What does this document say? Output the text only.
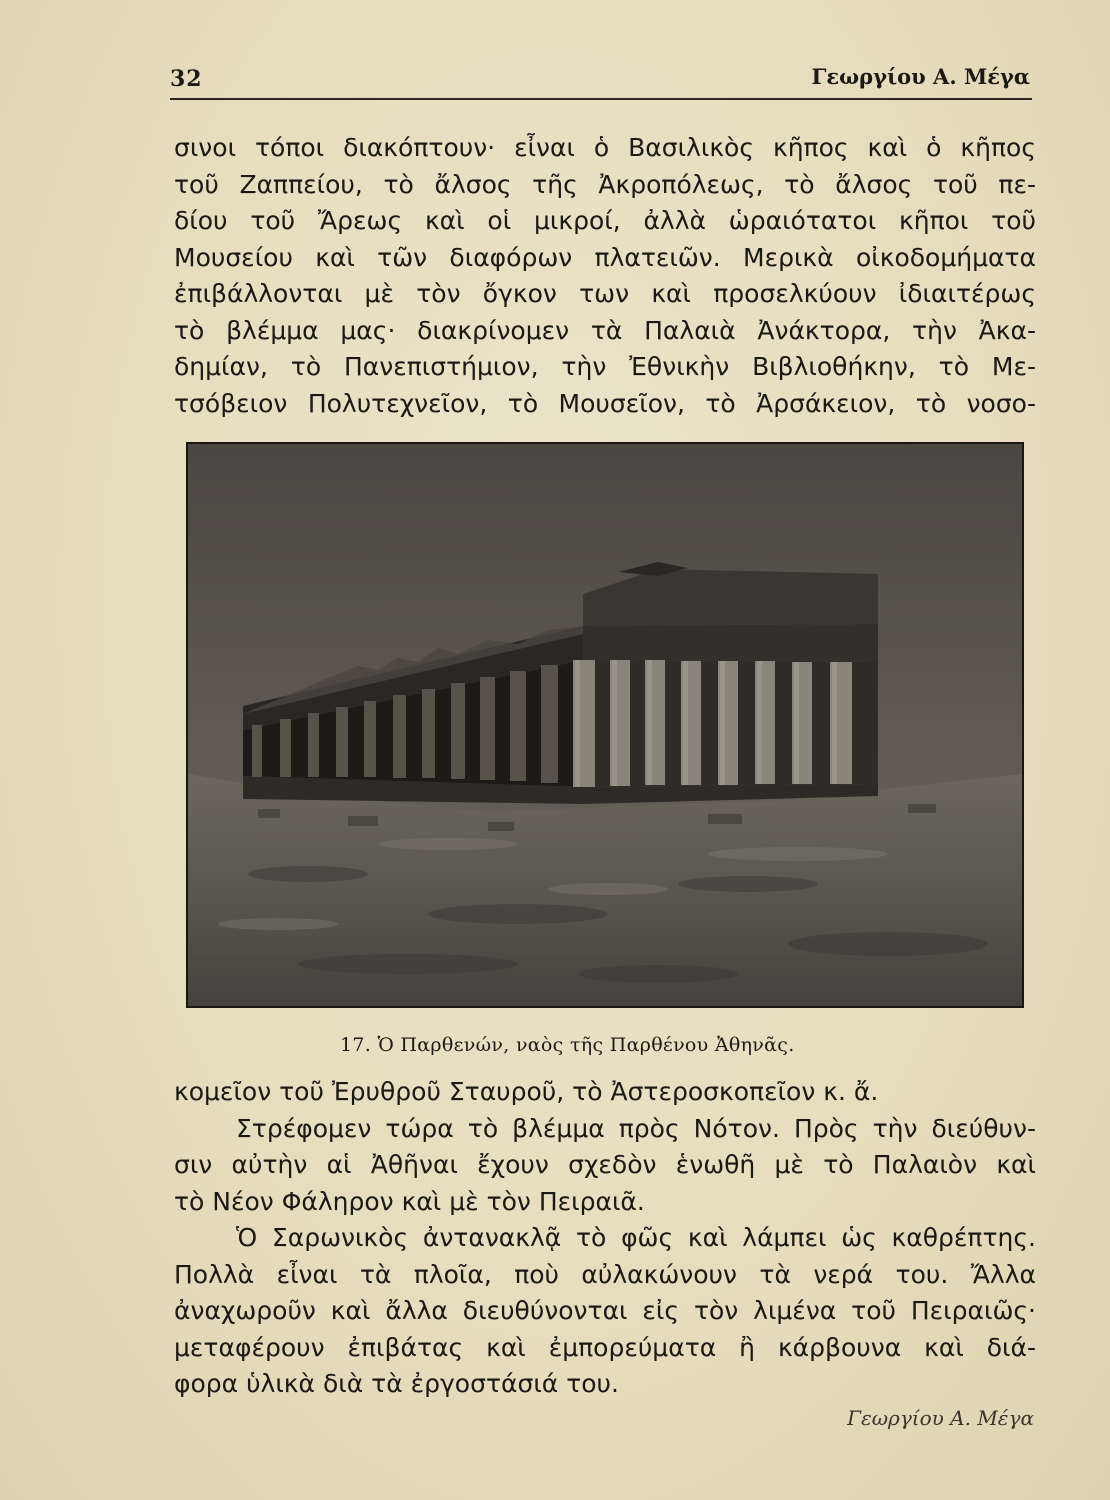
32	Γεωργίου Α. Μέγα
σινοι τόποι διακόπτουν· εἶναι ὁ Βασιλικὸς κῆπος καὶ ὁ κῆπος
τοῦ Ζαππείου, τὸ ἄλσος τῆς Ἀκροπόλεως, τὸ ἄλσος τοῦ πε-
δίου τοῦ Ἄρεως καὶ οἱ μικροί, ἀλλὰ ὡραιότατοι κῆποι τοῦ
Μουσείου καὶ τῶν διαφόρων πλατειῶν. Μερικὰ οἰκοδομήματα
ἐπιβάλλονται μὲ τὸν ὄγκον των καὶ προσελκύουν ἰδιαιτέρως
τὸ βλέμμα μας· διακρίνομεν τὰ Παλαιὰ Ἀνάκτορα, τὴν Ἀκα-
δημίαν, τὸ Πανεπιστήμιον, τὴν Ἐθνικὴν Βιβλιοθήκην, τὸ Με-
τσόβειον Πολυτεχνεῖον, τὸ Μουσεῖον, τὸ Ἀρσάκειον, τὸ νοσο-
17. Ὁ Παρθενών, ναὸς τῆς Παρθένου Ἀθηνᾶς.
κομεῖον τοῦ Ἐρυθροῦ Σταυροῦ, τὸ Ἀστεροσκοπεῖον κ. ἄ.
Στρέφομεν τώρα τὸ βλέμμα πρὸς Νότον. Πρὸς τὴν διεύθυν-
σιν αὐτὴν αἱ Ἀθῆναι ἔχουν σχεδὸν ἑνωθῆ μὲ τὸ Παλαιὸν καὶ
τὸ Νέον Φάληρον καὶ μὲ τὸν Πειραιᾶ.
Ὁ Σαρωνικὸς ἀντανακλᾷ τὸ φῶς καὶ λάμπει ὡς καθρέπτης.
Πολλὰ εἶναι τὰ πλοῖα, ποὺ αὐλακώνουν τὰ νερά του. Ἄλλα
ἀναχωροῦν καὶ ἄλλα διευθύνονται εἰς τὸν λιμένα τοῦ Πειραιῶς·
μεταφέρουν ἐπιβάτας καὶ ἐμπορεύματα ἢ κάρβουνα καὶ διά-
φορα ὑλικὰ διὰ τὰ ἐργοστάσιά του.
Γεωργίου Α. Μέγα
